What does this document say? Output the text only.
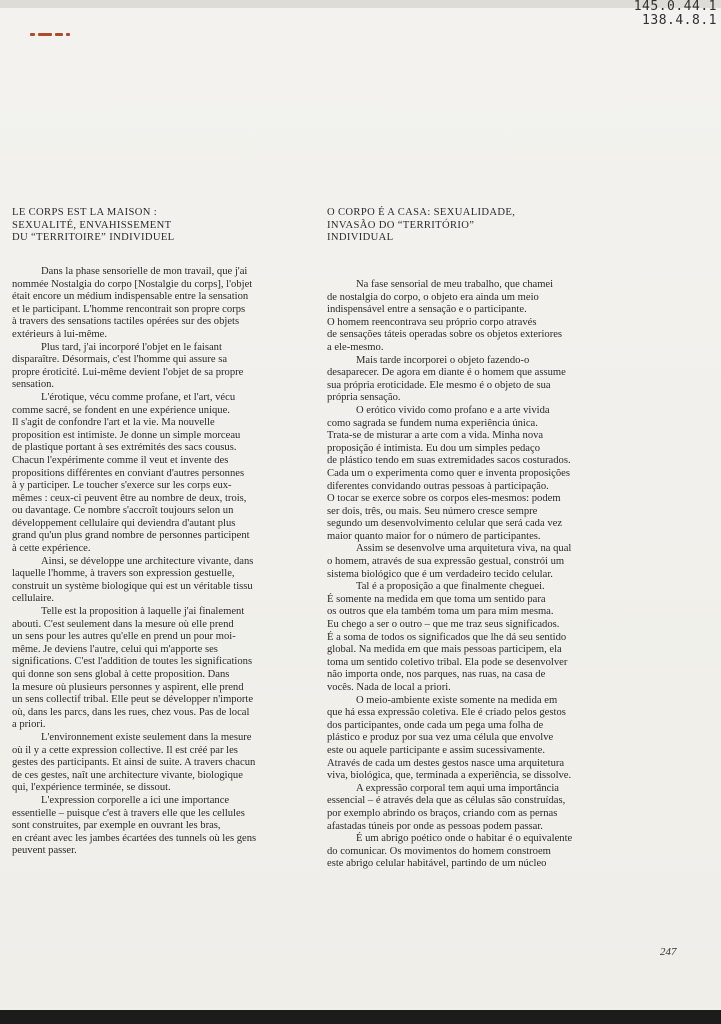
145.0.44.1
138.4.8.1
LE CORPS EST LA MAISON :
SEXUALITÉ, ENVAHISSEMENT
DU “TERRITOIRE” INDIVIDUEL
Dans la phase sensorielle de mon travail, que j'ai
nommée Nostalgia do corpo [Nostalgie du corps], l'objet
était encore un médium indispensable entre la sensation
et le participant. L'homme rencontrait son propre corps
à travers des sensations tactiles opérées sur des objets
extérieurs à lui-même.
Plus tard, j'ai incorporé l'objet en le faisant
disparaître. Désormais, c'est l'homme qui assure sa
propre éroticité. Lui-même devient l'objet de sa propre
sensation.
L'érotique, vécu comme profane, et l'art, vécu
comme sacré, se fondent en une expérience unique.
Il s'agit de confondre l'art et la vie. Ma nouvelle
proposition est intimiste. Je donne un simple morceau
de plastique portant à ses extrémités des sacs cousus.
Chacun l'expérimente comme il veut et invente des
propositions différentes en conviant d'autres personnes
à y participer. Le toucher s'exerce sur les corps eux-
mêmes : ceux-ci peuvent être au nombre de deux, trois,
ou davantage. Ce nombre s'accroît toujours selon un
développement cellulaire qui deviendra d'autant plus
grand qu'un plus grand nombre de personnes participent
à cette expérience.
Ainsi, se développe une architecture vivante, dans
laquelle l'homme, à travers son expression gestuelle,
construit un système biologique qui est un véritable tissu
cellulaire.
Telle est la proposition à laquelle j'ai finalement
abouti. C'est seulement dans la mesure où elle prend
un sens pour les autres qu'elle en prend un pour moi-
même. Je deviens l'autre, celui qui m'apporte ses
significations. C'est l'addition de toutes les significations
qui donne son sens global à cette proposition. Dans
la mesure où plusieurs personnes y aspirent, elle prend
un sens collectif tribal. Elle peut se développer n'importe
où, dans les parcs, dans les rues, chez vous. Pas de local
a priori.
L'environnement existe seulement dans la mesure
où il y a cette expression collective. Il est créé par les
gestes des participants. Et ainsi de suite. A travers chacun
de ces gestes, naît une architecture vivante, biologique
qui, l'expérience terminée, se dissout.
L'expression corporelle a ici une importance
essentielle – puisque c'est à travers elle que les cellules
sont construites, par exemple en ouvrant les bras,
en créant avec les jambes écartées des tunnels où les gens
peuvent passer.
O CORPO É A CASA: SEXUALIDADE,
INVASÃO DO “TERRITÓRIO”
INDIVIDUAL
Na fase sensorial de meu trabalho, que chamei
de nostalgia do corpo, o objeto era ainda um meio
indispensável entre a sensação e o participante.
O homem reencontrava seu próprio corpo através
de sensações táteis operadas sobre os objetos exteriores
a ele-mesmo.
Mais tarde incorporei o objeto fazendo-o
desaparecer. De agora em diante é o homem que assume
sua própria eroticidade. Ele mesmo é o objeto de sua
própria sensação.
O erótico vivido como profano e a arte vivida
como sagrada se fundem numa experiência única.
Trata-se de misturar a arte com a vida. Minha nova
proposição é intimista. Eu dou um simples pedaço
de plástico tendo em suas extremidades sacos costurados.
Cada um o experimenta como quer e inventa proposições
diferentes convidando outras pessoas à participação.
O tocar se exerce sobre os corpos eles-mesmos: podem
ser dois, três, ou mais. Seu número cresce sempre
segundo um desenvolvimento celular que será cada vez
maior quanto maior for o número de participantes.
Assim se desenvolve uma arquitetura viva, na qual
o homem, através de sua expressão gestual, constrói um
sistema biológico que é um verdadeiro tecido celular.
Tal é a proposição a que finalmente cheguei.
É somente na medida em que toma um sentido para
os outros que ela também toma um para mim mesma.
Eu chego a ser o outro – que me traz seus significados.
É a soma de todos os significados que lhe dá seu sentido
global. Na medida em que mais pessoas participem, ela
toma um sentido coletivo tribal. Ela pode se desenvolver
não importa onde, nos parques, nas ruas, na casa de
vocês. Nada de local a priori.
O meio-ambiente existe somente na medida em
que há essa expressão coletiva. Ele é criado pelos gestos
dos participantes, onde cada um pega uma folha de
plástico e produz por sua vez uma célula que envolve
este ou aquele participante e assim sucessivamente.
Através de cada um destes gestos nasce uma arquitetura
viva, biológica, que, terminada a experiência, se dissolve.
A expressão corporal tem aqui uma importância
essencial – é através dela que as células são construídas,
por exemplo abrindo os braços, criando com as pernas
afastadas túneis por onde as pessoas podem passar.
É um abrigo poético onde o habitar é o equivalente
do comunicar. Os movimentos do homem constroem
este abrigo celular habitável, partindo de um núcleo
247
